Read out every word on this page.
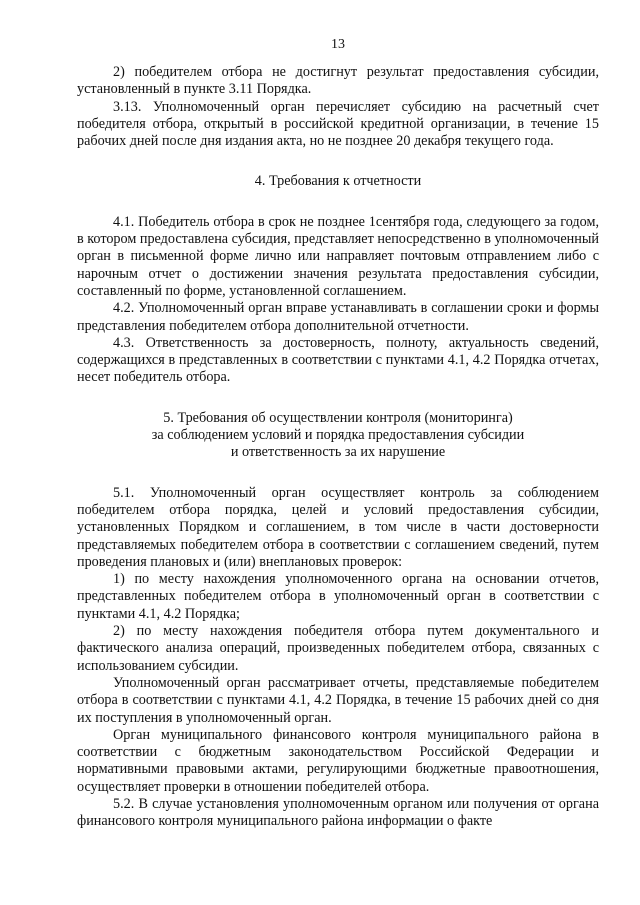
13

2) победителем отбора не достигнут результат предоставления субсидии, установленный в пункте 3.11 Порядка.

3.13. Уполномоченный орган перечисляет субсидию на расчетный счет победителя отбора, открытый в российской кредитной организации, в течение 15 рабочих дней после дня издания акта, но не позднее 20 декабря текущего года.

4. Требования к отчетности

4.1. Победитель отбора в срок не позднее 1сентября года, следующего за годом, в котором предоставлена субсидия, представляет непосредственно в уполномоченный орган в письменной форме лично или направляет почтовым отправлением либо с нарочным отчет о достижении значения результата предоставления субсидии, составленный по форме, установленной соглашением.

4.2. Уполномоченный орган вправе устанавливать в соглашении сроки и формы представления победителем отбора дополнительной отчетности.

4.3. Ответственность за достоверность, полноту, актуальность сведений, содержащихся в представленных в соответствии с пунктами 4.1, 4.2 Порядка отчетах, несет победитель отбора.

5. Требования об осуществлении контроля (мониторинга)

за соблюдением условий и порядка предоставления субсидии

и ответственность за их нарушение

5.1. Уполномоченный орган осуществляет контроль за соблюдением победителем отбора порядка, целей и условий предоставления субсидии, установленных Порядком и соглашением, в том числе в части достоверности представляемых победителем отбора в соответствии с соглашением сведений, путем проведения плановых и (или) внеплановых проверок:

1) по месту нахождения уполномоченного органа на основании отчетов, представленных победителем отбора в уполномоченный орган в соответствии с пунктами 4.1, 4.2 Порядка;

2) по месту нахождения победителя отбора путем документального и фактического анализа операций, произведенных победителем отбора, связанных с использованием субсидии.

Уполномоченный орган рассматривает отчеты, представляемые победителем отбора в соответствии с пунктами 4.1, 4.2 Порядка, в течение 15 рабочих дней со дня их поступления в уполномоченный орган.

Орган муниципального финансового контроля муниципального района в соответствии с бюджетным законодательством Российской Федерации и нормативными правовыми актами, регулирующими бюджетные правоотношения, осуществляет проверки в отношении победителей отбора.

5.2. В случае установления уполномоченным органом или получения от органа финансового контроля муниципального района информации о факте
